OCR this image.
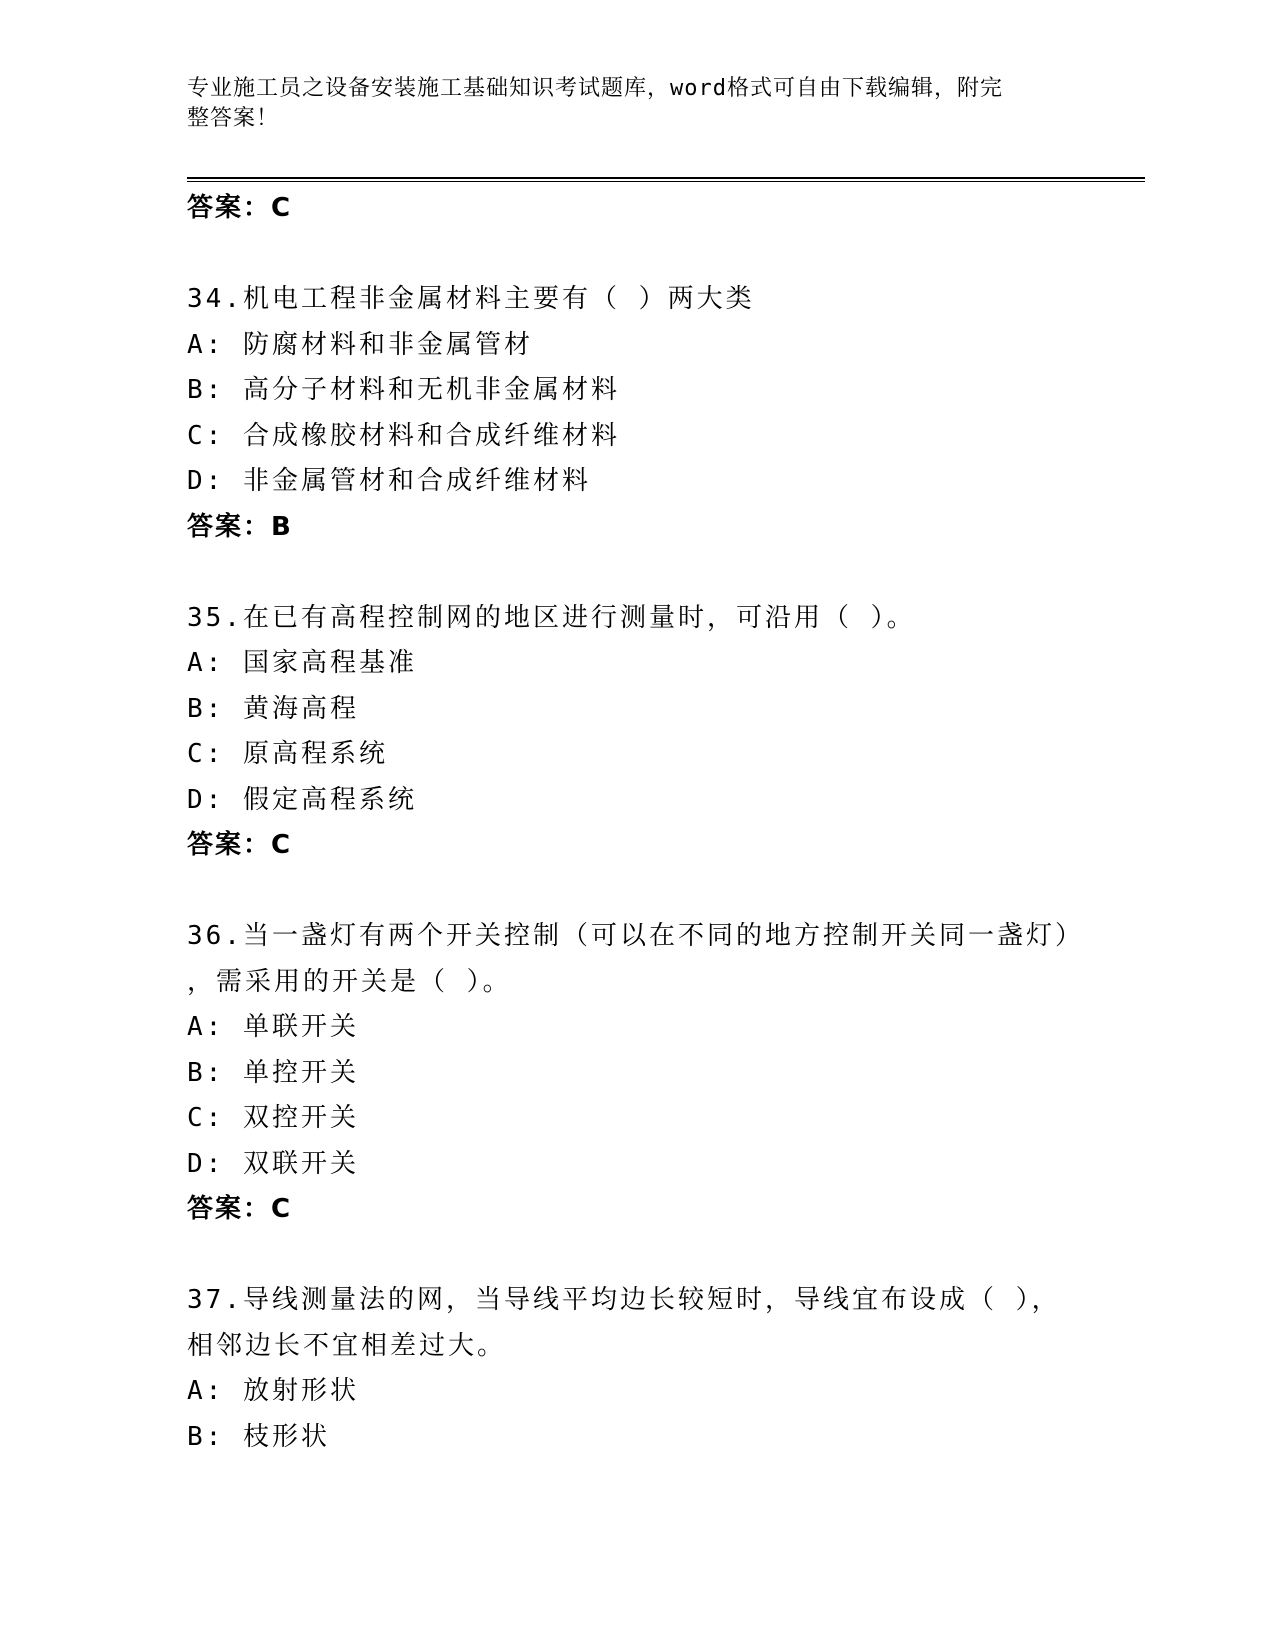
专业施工员之设备安装施工基础知识考试题库，word格式可自由下载编辑，附完
整答案！
答案：C
34.机电工程非金属材料主要有（ ）两大类
A: 防腐材料和非金属管材
B: 高分子材料和无机非金属材料
C: 合成橡胶材料和合成纤维材料
D: 非金属管材和合成纤维材料
答案：B
35.在已有高程控制网的地区进行测量时，可沿用（ ）。
A: 国家高程基准
B: 黄海高程
C: 原高程系统
D: 假定高程系统
答案：C
36.当一盏灯有两个开关控制（可以在不同的地方控制开关同一盏灯）
，需采用的开关是（ ）。
A: 单联开关
B: 单控开关
C: 双控开关
D: 双联开关
答案：C
37.导线测量法的网，当导线平均边长较短时，导线宜布设成（ ），
相邻边长不宜相差过大。
A: 放射形状
B: 枝形状
